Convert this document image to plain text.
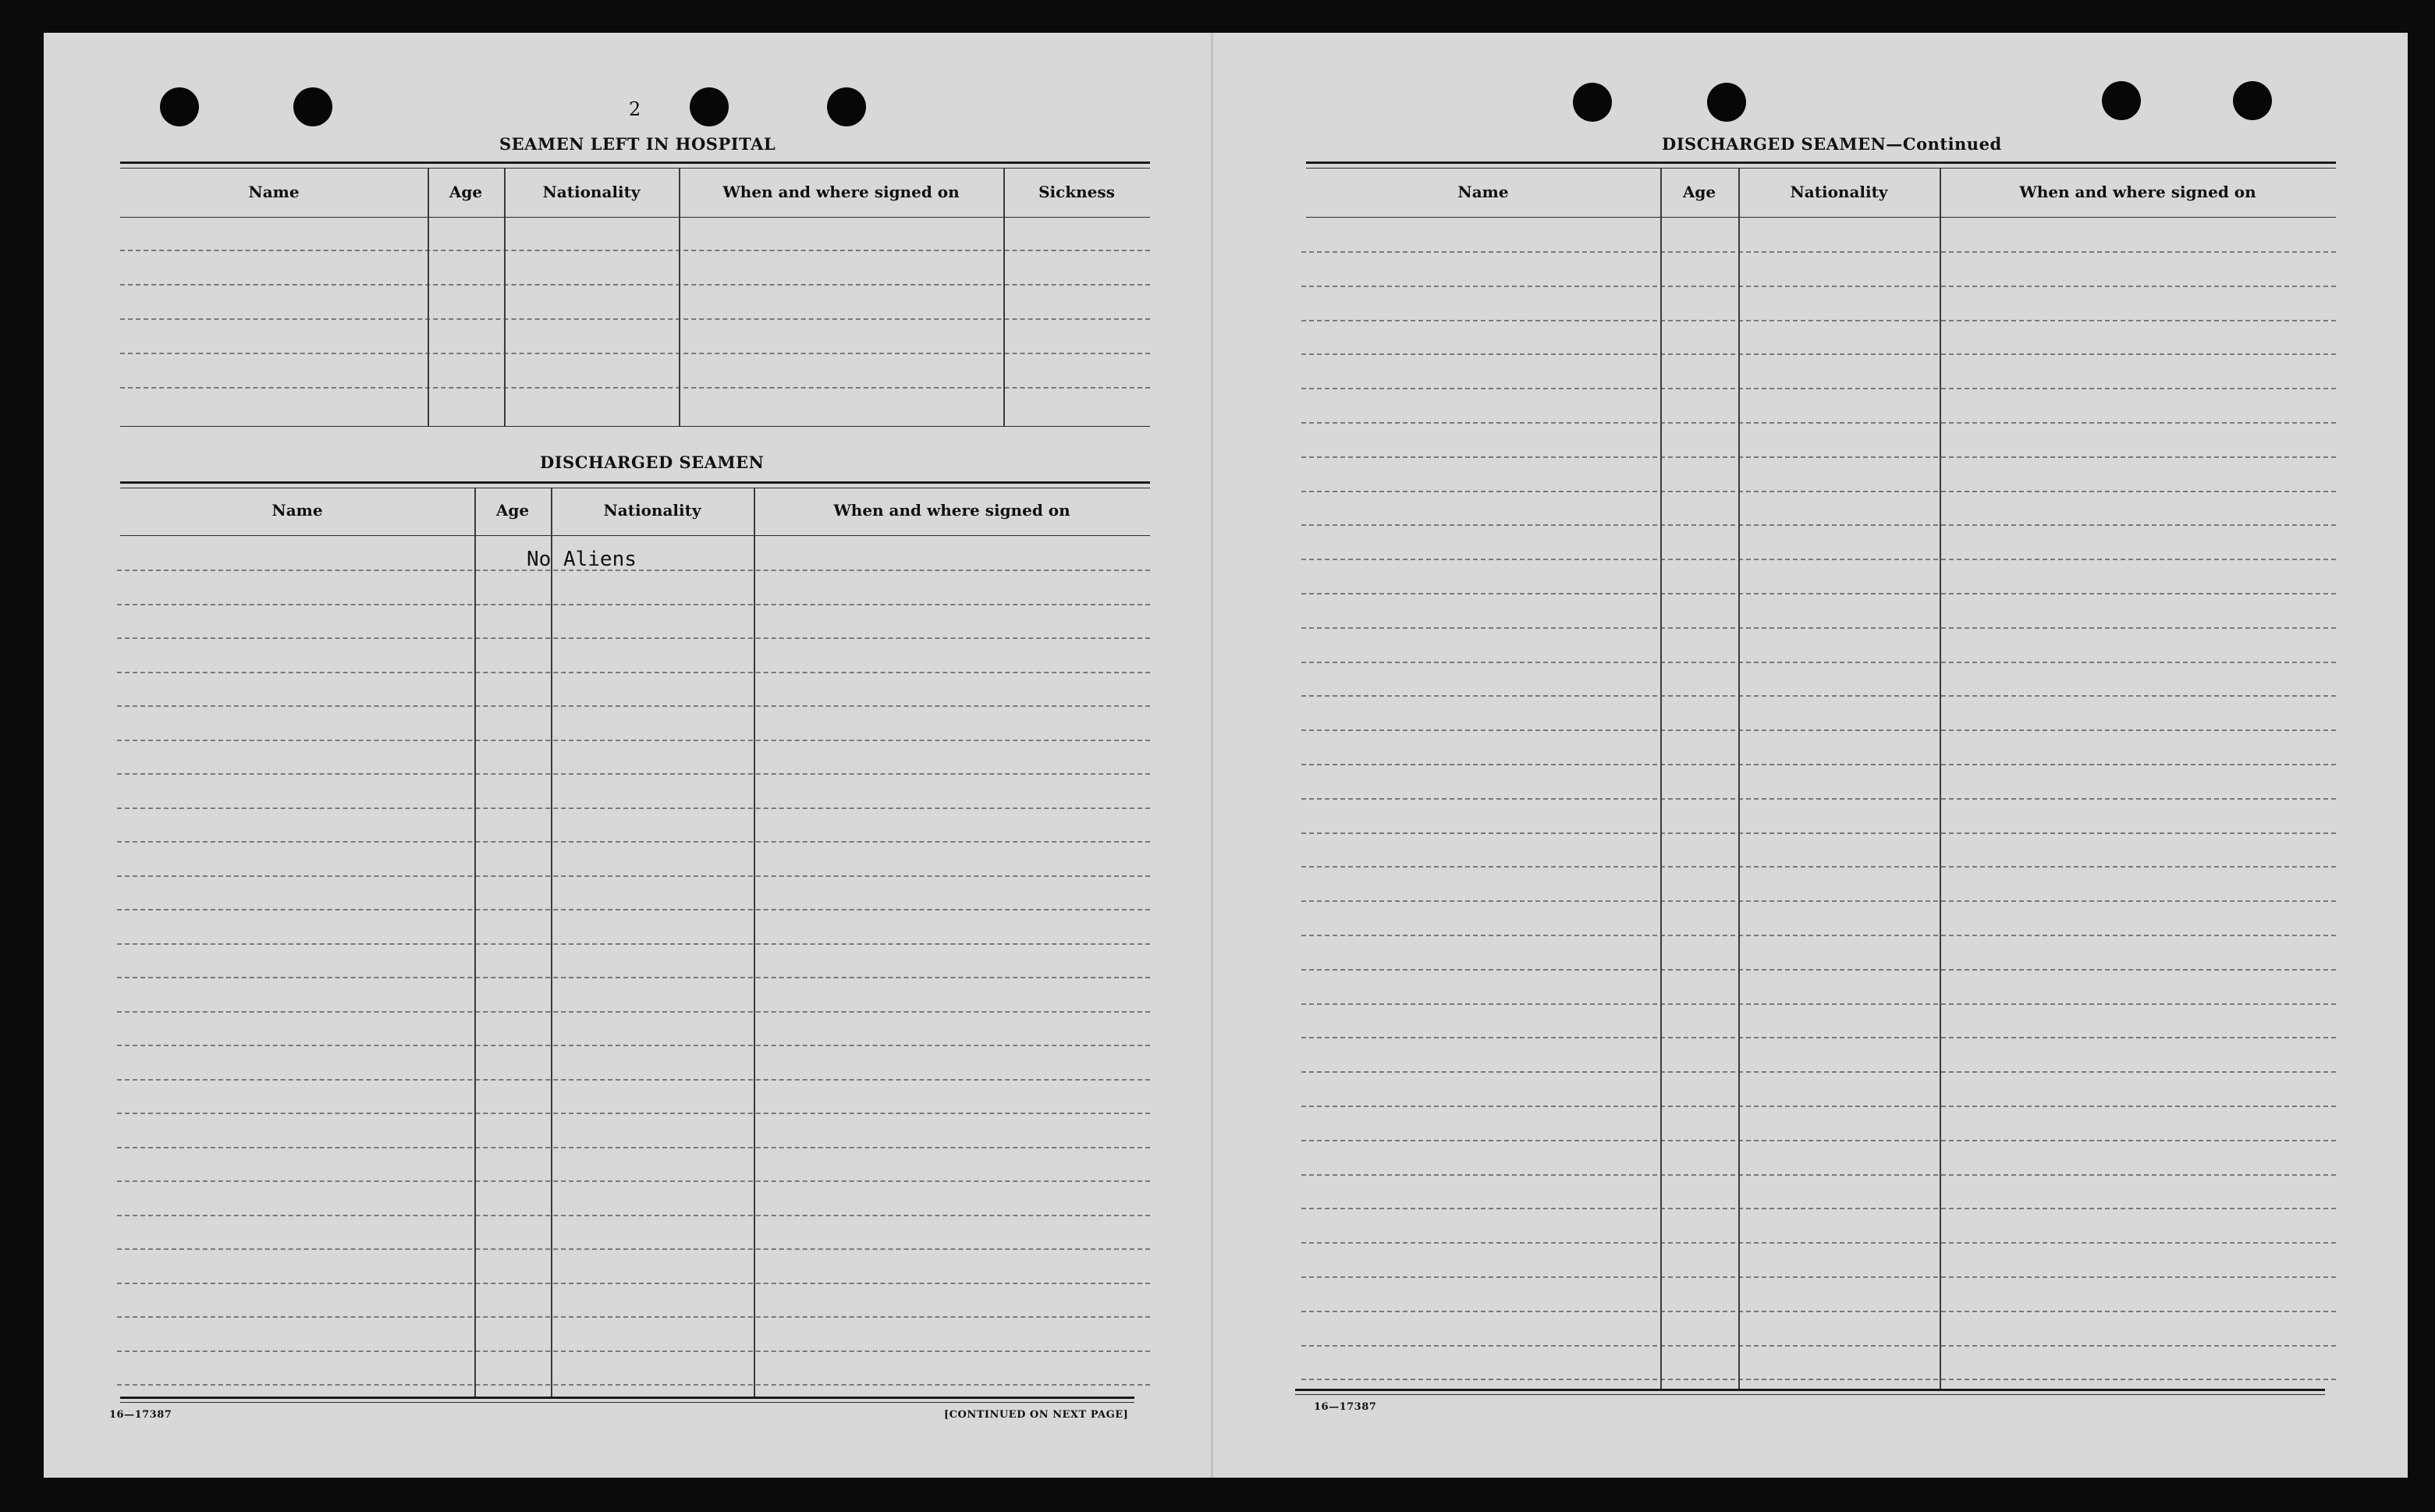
2
SEAMEN LEFT IN HOSPITAL
Name	Age	Nationality	When and where signed on	Sickness
DISCHARGED SEAMEN
Name	Age	Nationality	When and where signed on
No Aliens
16—17387	[CONTINUED ON NEXT PAGE]
DISCHARGED SEAMEN—Continued
Name	Age	Nationality	When and where signed on
16—17387
